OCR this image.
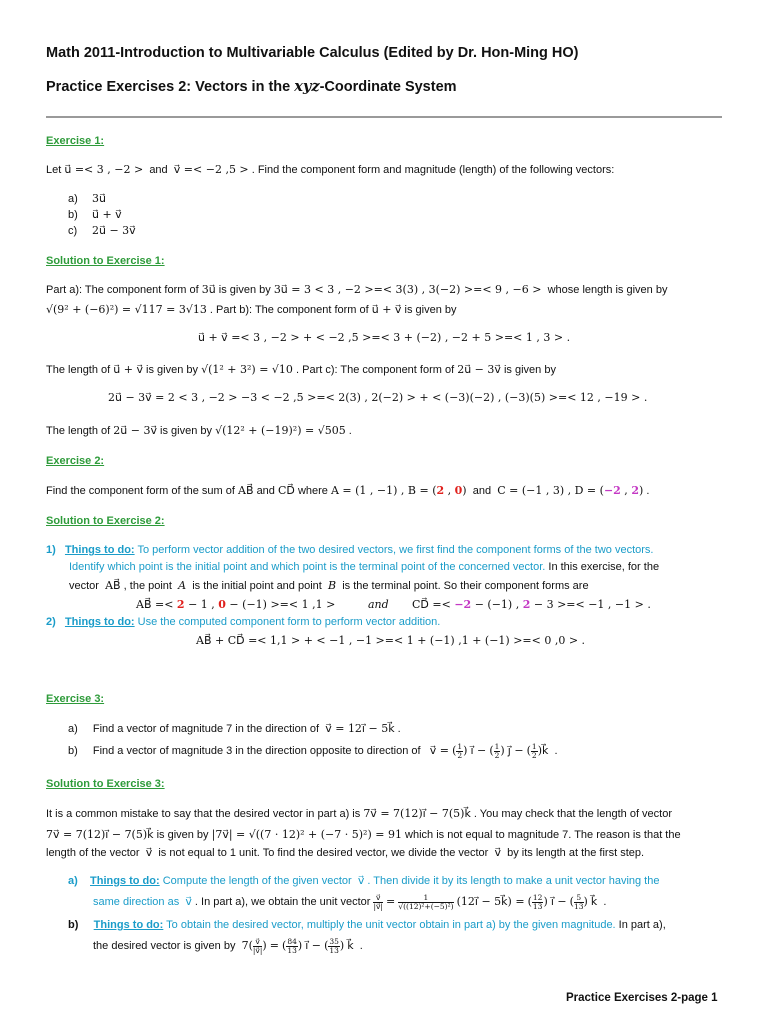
Math 2011-Introduction to Multivariable Calculus (Edited by Dr. Hon-Ming HO)
Practice Exercises 2: Vectors in the xyz-Coordinate System
Exercise 1:
Let u⃗ =< 3 , −2 > and v⃗ =< −2 ,5 > . Find the component form and magnitude (length) of the following vectors:
a) 3u⃗
b) u⃗ + v⃗
c) 2u⃗ − 3v⃗
Solution to Exercise 1:
Part a): The component form of 3u⃗ is given by 3u⃗ = 3 < 3 , −2 >=< 3(3) , 3(−2) >=< 9 , −6 > whose length is given by
√(9² + (−6)²) = √117 = 3√13 . Part b): The component form of u⃗ + v⃗ is given by
u⃗ + v⃗ =< 3 , −2 > + < −2 ,5 >=< 3 + (−2) , −2 + 5 >=< 1 , 3 > .
The length of u⃗ + v⃗ is given by √(1² + 3²) = √10 . Part c): The component form of 2u⃗ − 3v⃗ is given by
2u⃗ − 3v⃗ = 2 < 3 , −2 > −3 < −2 ,5 >=< 2(3) , 2(−2) > + < (−3)(−2) , (−3)(5) >=< 12 , −19 > .
The length of 2u⃗ − 3v⃗ is given by √(12² + (−19)²) = √505 .
Exercise 2:
Find the component form of the sum of AB⃗ and CD⃗ where A = (1 , −1) , B = (2 , 0) and C = (−1 , 3) , D = (−2 , 2) .
Solution to Exercise 2:
1) Things to do: To perform vector addition of the two desired vectors, we first find the component forms of the two vectors.
Identify which point is the initial point and which point is the terminal point of the concerned vector. In this exercise, for the
vector AB⃗ , the point A is the initial point and point B is the terminal point. So their component forms are
AB⃗ =< 2 − 1 , 0 − (−1) >=< 1 ,1 >	and CD⃗ =< −2 − (−1) , 2 − 3 >=< −1 , −1 > .
2) Things to do: Use the computed component form to perform vector addition.
AB⃗ + CD⃗ =< 1,1 > + < −1 , −1 >=< 1 + (−1) ,1 + (−1) >=< 0 ,0 > .
Exercise 3:
a) Find a vector of magnitude 7 in the direction of v⃗ = 12i⃗ − 5k⃗ .
b) Find a vector of magnitude 3 in the direction opposite to direction of v⃗ = ( $\frac{1}{2}$ ) i⃗ − ( $\frac{1}{2}$ ) j⃗ − ( $\frac{1}{2}$ )k⃗ .
Solution to Exercise 3:
It is a common mistake to say that the desired vector in part a) is 7v⃗ = 7(12)i⃗ − 7(5)k⃗ . You may check that the length of vector
7v⃗ = 7(12)i⃗ − 7(5)k⃗ is given by |7v⃗| = √((7 · 12)² + (−7 · 5)²) = 91 which is not equal to magnitude 7. The reason is that the
length of the vector v⃗ is not equal to 1 unit. To find the desired vector, we divide the vector v⃗ by its length at the first step.
a) Things to do: Compute the length of the given vector v⃗ . Then divide it by its length to make a unit vector having the
same direction as v⃗ . In part a), we obtain the unit vector $\frac{v⃗}{|v⃗|} = \frac{1}{\text{√((12)²+(−5)²)}}$ (12i⃗ − 5k⃗) = ( $\frac{12}{13}$ ) i⃗ − ( $\frac{5}{13}$ ) k⃗ .
b) Things to do: To obtain the desired vector, multiply the unit vector obtain in part a) by the given magnitude. In part a),
the desired vector is given by $7( \frac{v⃗}{|v⃗|}$ ) = ( $\frac{84}{13}$ ) i⃗ − ( $\frac{35}{13}$ ) k⃗ .
Practice Exercises 2-page 1
